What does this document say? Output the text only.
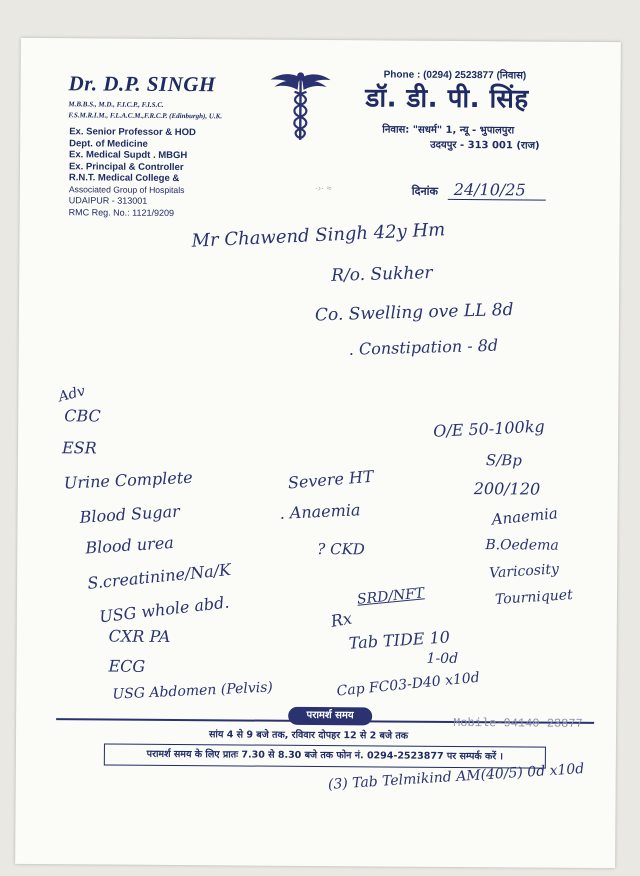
Dr. D.P. SINGH
M.B.B.S., M.D., F.I.C.P., F.I.S.C.
F.S.M.R.I.M., F.L.A.C.M.,F.R.C.P. (Edinburgh), U.K.
Ex. Senior Professor & HOD
Dept. of Medicine
Ex. Medical Supdt . MBGH
Ex. Principal & Controller
R.N.T. Medical College &
Associated Group of Hospitals
UDAIPUR - 313001
RMC Reg. No.: 1121/9209
Phone : (0294) 2523877 (निवास)
डॉ. डी. पी. सिंह
निवास: "सधर्म" 1, न्यू - भुपालपुरा
उदयपुर - 313 001 (राज)
·›· ≈	दिनांक 24/10/25
Mr Chawend Singh 42y Hm
R/o. Sukher
Co. Swelling ove LL 8d
. Constipation - 8d
Adv
CBC
ESR
Urine Complete
Blood Sugar
Blood urea
S.creatinine/Na/K
USG whole abd.
CXR PA
ECG
USG Abdomen (Pelvis)
O/E 50-100kg
S/Bp
200/120
Anaemia
B.Oedema
Varicosity
Tourniquet
Severe HT
. Anaemia
? CKD
SRD/NFT
Rx
Tab TIDE 10
1-0d
Cap FC03-D40 x10d
(3) Tab Telmikind AM(40/5) 0d x10d
परामर्श समय
सांय 4 से 9 बजे तक, रविवार दोपहर 12 से 2 बजे तक
Mobile-94140 23877
परामर्श समय के लिए प्रातः 7.30 से 8.30 बजे तक फोन नं. 0294-2523877 पर सम्पर्क करें ।
